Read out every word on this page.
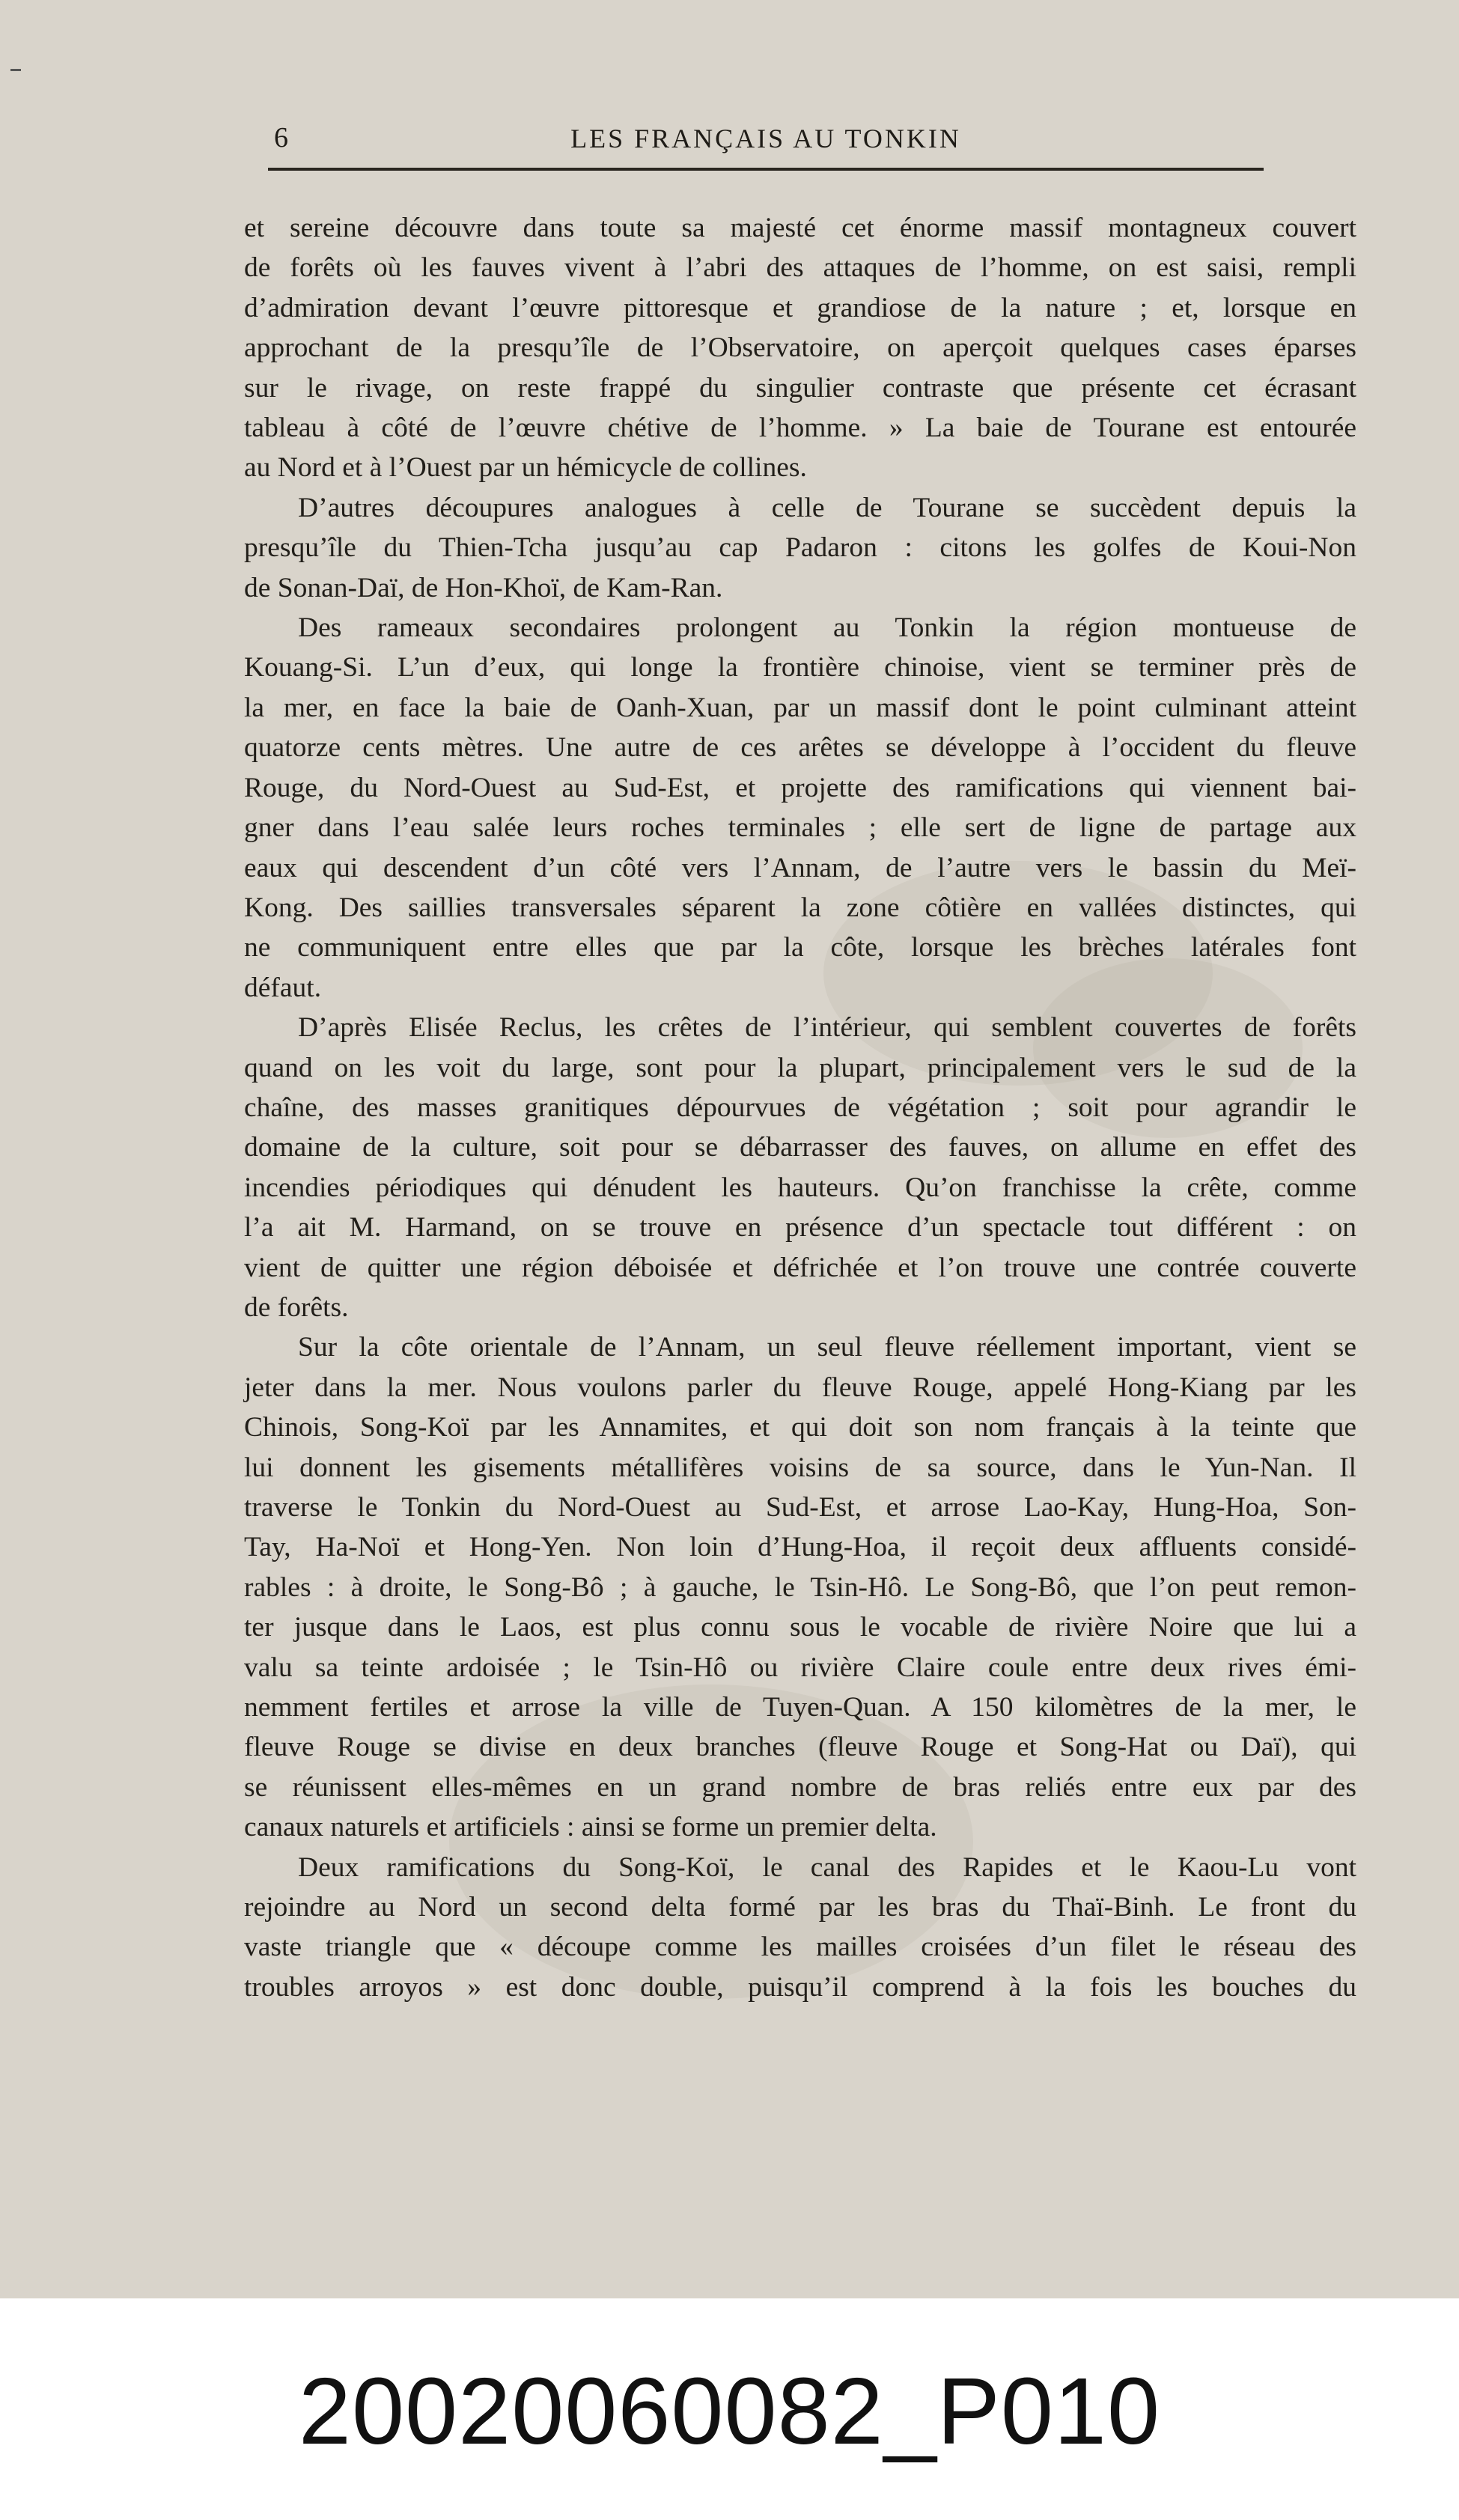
6	LES FRANÇAIS AU TONKIN
et sereine découvre dans toute sa majesté cet énorme massif montagneux couvert
de forêts où les fauves vivent à l’abri des attaques de l’homme, on est saisi, rempli
d’admiration devant l’œuvre pittoresque et grandiose de la nature ; et, lorsque en
approchant de la presqu’île de l’Observatoire, on aperçoit quelques cases éparses
sur le rivage, on reste frappé du singulier contraste que présente cet écrasant
tableau à côté de l’œuvre chétive de l’homme. » La baie de Tourane est entourée
au Nord et à l’Ouest par un hémicycle de collines.
D’autres découpures analogues à celle de Tourane se succèdent depuis la
presqu’île du Thien-Tcha jusqu’au cap Padaron : citons les golfes de Koui-Non
de Sonan-Daï, de Hon-Khoï, de Kam-Ran.
Des rameaux secondaires prolongent au Tonkin la région montueuse de
Kouang-Si. L’un d’eux, qui longe la frontière chinoise, vient se terminer près de
la mer, en face la baie de Oanh-Xuan, par un massif dont le point culminant atteint
quatorze cents mètres. Une autre de ces arêtes se développe à l’occident du fleuve
Rouge, du Nord-Ouest au Sud-Est, et projette des ramifications qui viennent bai-
gner dans l’eau salée leurs roches terminales ; elle sert de ligne de partage aux
eaux qui descendent d’un côté vers l’Annam, de l’autre vers le bassin du Meï-
Kong. Des saillies transversales séparent la zone côtière en vallées distinctes, qui
ne communiquent entre elles que par la côte, lorsque les brèches latérales font
défaut.
D’après Elisée Reclus, les crêtes de l’intérieur, qui semblent couvertes de forêts
quand on les voit du large, sont pour la plupart, principalement vers le sud de la
chaîne, des masses granitiques dépourvues de végétation ; soit pour agrandir le
domaine de la culture, soit pour se débarrasser des fauves, on allume en effet des
incendies périodiques qui dénudent les hauteurs. Qu’on franchisse la crête, comme
l’a ait M. Harmand, on se trouve en présence d’un spectacle tout différent : on
vient de quitter une région déboisée et défrichée et l’on trouve une contrée couverte
de forêts.
Sur la côte orientale de l’Annam, un seul fleuve réellement important, vient se
jeter dans la mer. Nous voulons parler du fleuve Rouge, appelé Hong-Kiang par les
Chinois, Song-Koï par les Annamites, et qui doit son nom français à la teinte que
lui donnent les gisements métallifères voisins de sa source, dans le Yun-Nan. Il
traverse le Tonkin du Nord-Ouest au Sud-Est, et arrose Lao-Kay, Hung-Hoa, Son-
Tay, Ha-Noï et Hong-Yen. Non loin d’Hung-Hoa, il reçoit deux affluents considé-
rables : à droite, le Song-Bô ; à gauche, le Tsin-Hô. Le Song-Bô, que l’on peut remon-
ter jusque dans le Laos, est plus connu sous le vocable de rivière Noire que lui a
valu sa teinte ardoisée ; le Tsin-Hô ou rivière Claire coule entre deux rives émi-
nemment fertiles et arrose la ville de Tuyen-Quan. A 150 kilomètres de la mer, le
fleuve Rouge se divise en deux branches (fleuve Rouge et Song-Hat ou Daï), qui
se réunissent elles-mêmes en un grand nombre de bras reliés entre eux par des
canaux naturels et artificiels : ainsi se forme un premier delta.
Deux ramifications du Song-Koï, le canal des Rapides et le Kaou-Lu vont
rejoindre au Nord un second delta formé par les bras du Thaï-Binh. Le front du
vaste triangle que « découpe comme les mailles croisées d’un filet le réseau des
troubles arroyos » est donc double, puisqu’il comprend à la fois les bouches du
20020060082_P010
